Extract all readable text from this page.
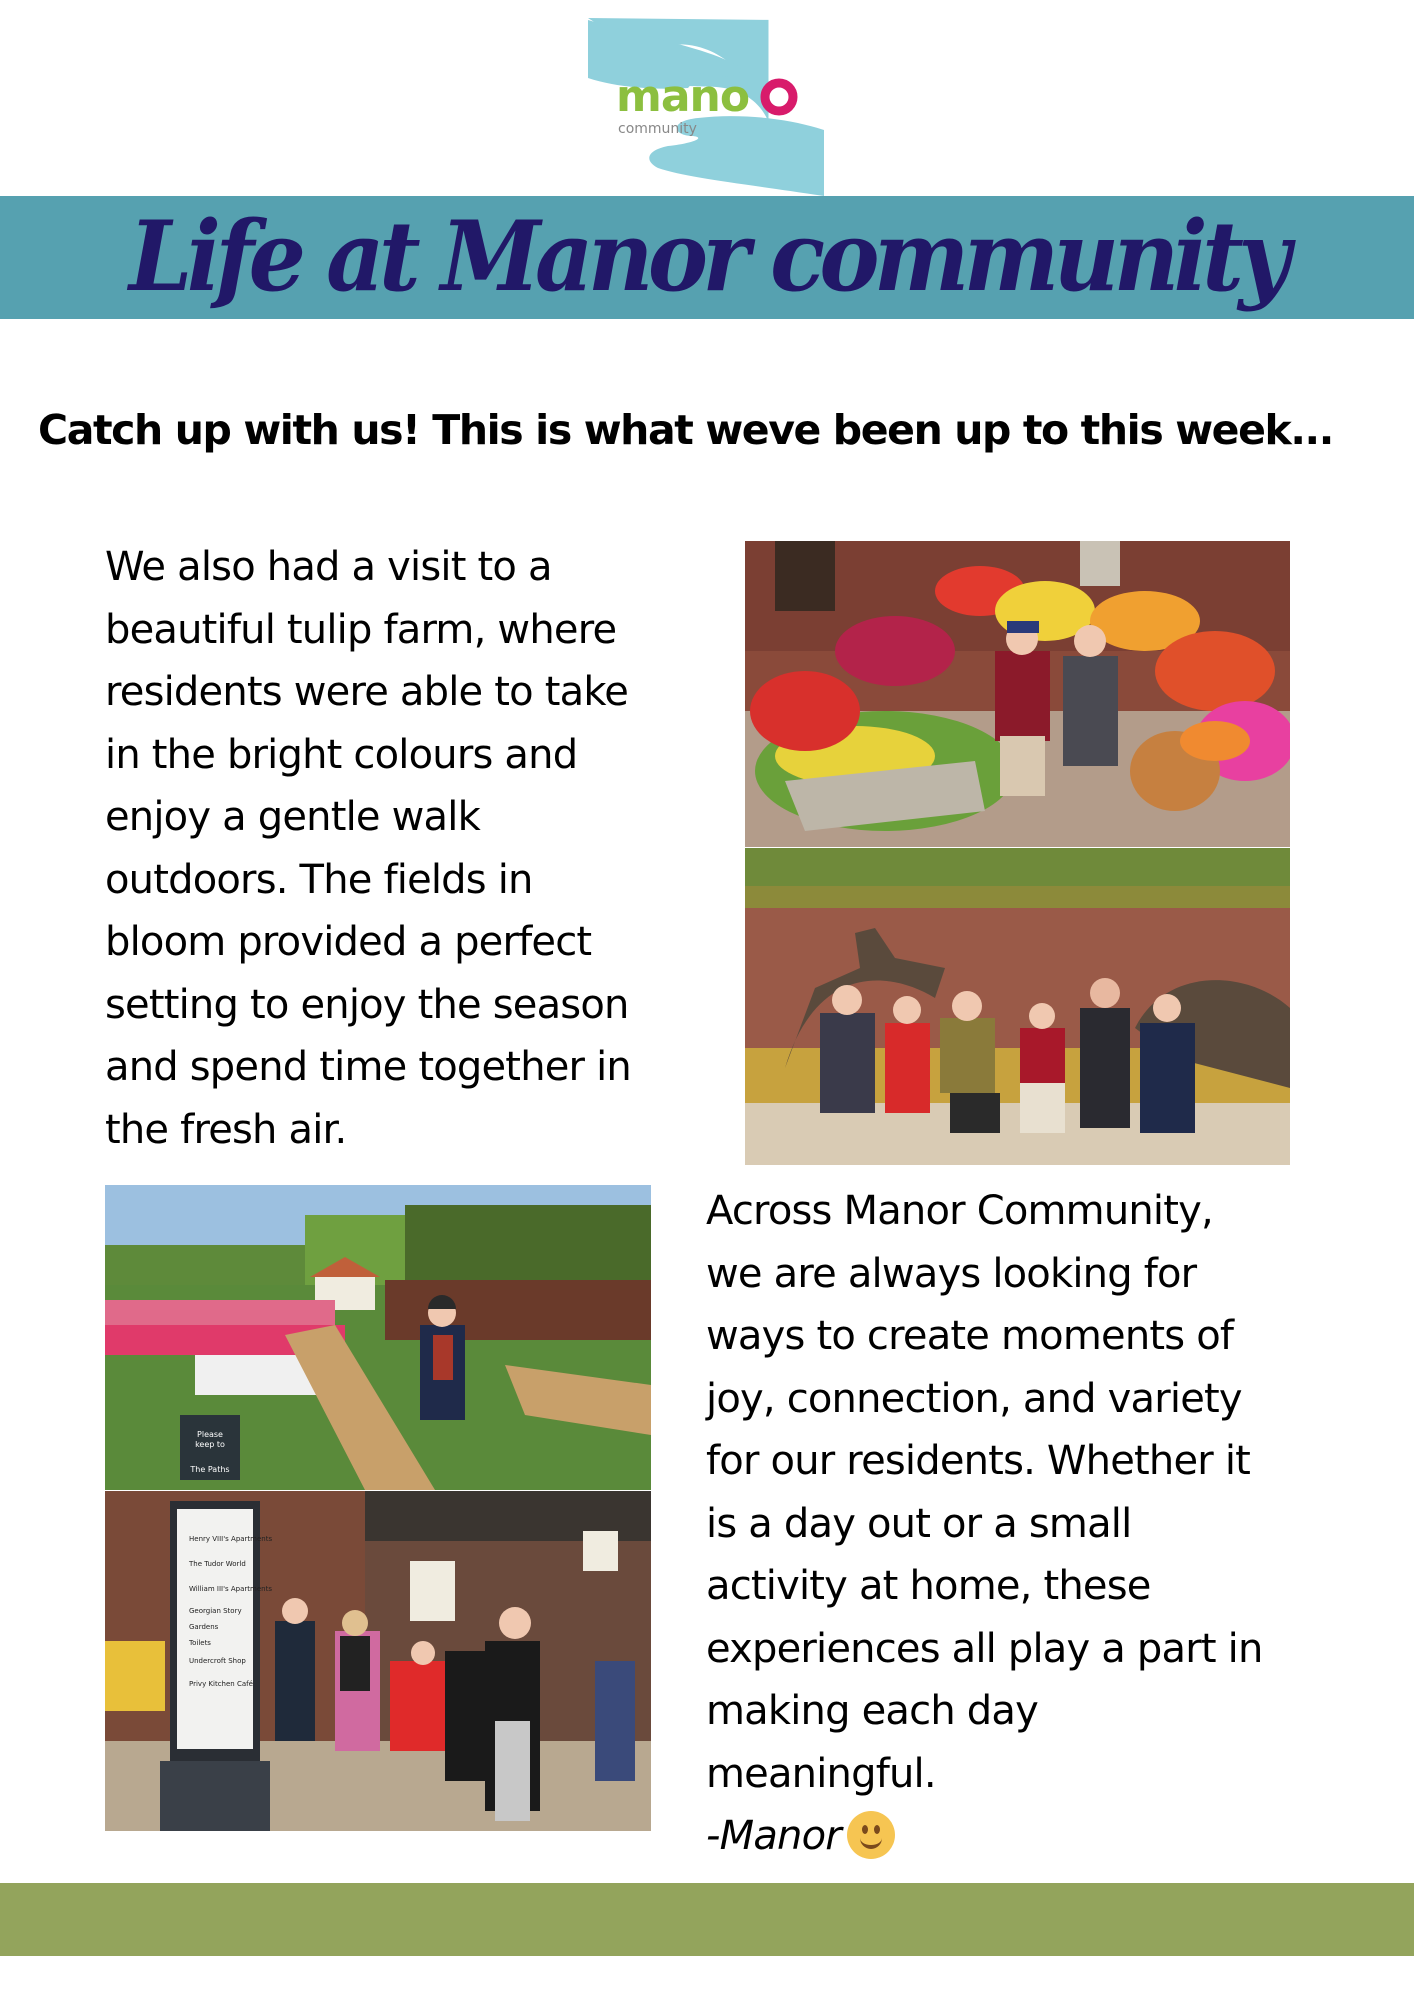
mano
community
Life at Manor community
Catch up with us! This is what weve been up to this week...
We also had a visit to a
beautiful tulip farm, where
residents were able to take
in the bright colours and
enjoy a gentle walk
outdoors. The fields in
bloom provided a perfect
setting to enjoy the season
and spend time together in
the fresh air.
Please
keep to
The Paths
Henry VIII's Apartments
The Tudor World
William III's Apartments
Georgian Story
Gardens
Toilets
Undercroft Shop
Privy Kitchen Café
Across Manor Community,
we are always looking for
ways to create moments of
joy, connection, and variety
for our residents. Whether it
is a day out or a small
activity at home, these
experiences all play a part in
making each day
meaningful.
-Manor
